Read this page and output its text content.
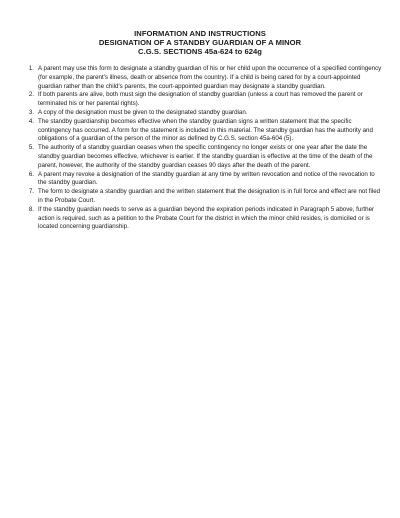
INFORMATION AND INSTRUCTIONS
DESIGNATION OF A STANDBY GUARDIAN OF A MINOR
C.G.S. SECTIONS 45a-624 to 624g
1. A parent may use this form to designate a standby guardian of his or her child upon the occurrence of a specified contingency (for example, the parent's illness, death or absence from the country). If a child is being cared for by a court-appointed guardian rather than the child's parents, the court-appointed guardian may designate a standby guardian.
2. If both parents are alive, both must sign the designation of standby guardian (unless a court has removed the parent or terminated his or her parental rights).
3. A copy of the designation must be given to the designated standby guardian.
4. The standby guardianship becomes effective when the standby guardian signs a written statement that the specific contingency has occurred. A form for the statement is included in this material. The standby guardian has the authority and obligations of a guardian of the person of the minor as defined by C.G.S. section 45a-604 (5).
5. The authority of a standby guardian ceases when the specific contingency no longer exists or one year after the date the standby guardian becomes effective, whichever is earlier. If the standby guardian is effective at the time of the death of the parent, however, the authority of the standby guardian ceases 90 days after the death of the parent.
6. A parent may revoke a designation of the standby guardian at any time by written revocation and notice of the revocation to the standby guardian.
7. The form to designate a standby guardian and the written statement that the designation is in full force and effect are not filed in the Probate Court.
8. If the standby guardian needs to serve as a guardian beyond the expiration periods indicated in Paragraph 5 above, further action is required, such as a petition to the Probate Court for the district in which the minor child resides, is domiciled or is located concerning guardianship.
